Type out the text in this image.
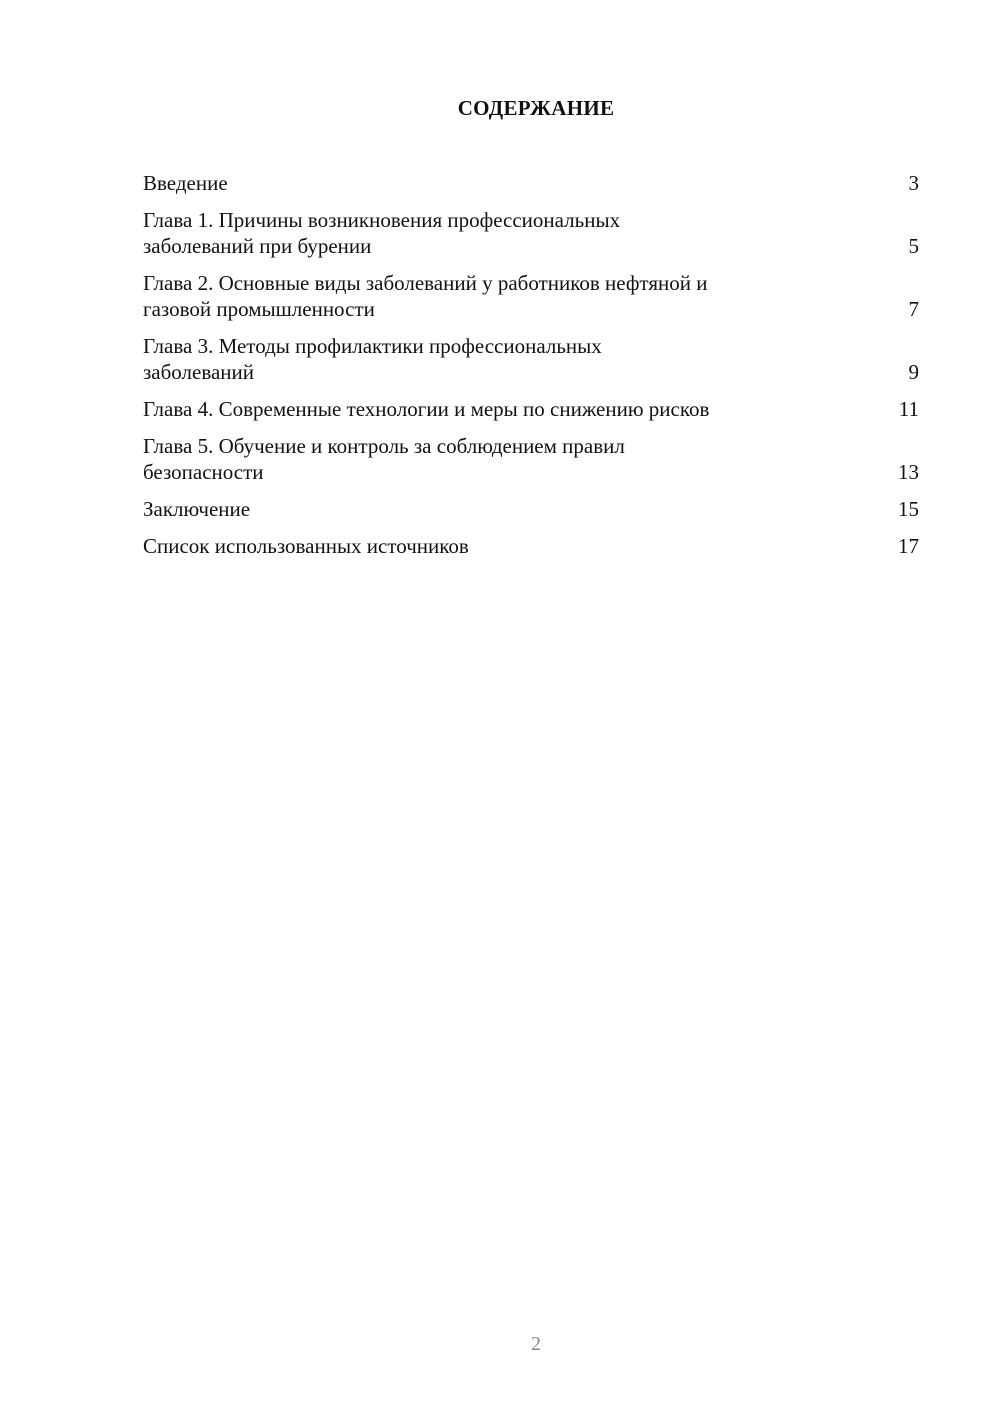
СОДЕРЖАНИЕ
Введение	3
Глава 1. Причины возникновения профессиональных
заболеваний при бурении	5
Глава 2. Основные виды заболеваний у работников нефтяной и
газовой промышленности	7
Глава 3. Методы профилактики профессиональных
заболеваний	9
Глава 4. Современные технологии и меры по снижению рисков	11
Глава 5. Обучение и контроль за соблюдением правил
безопасности	13
Заключение	15
Список использованных источников	17
2
